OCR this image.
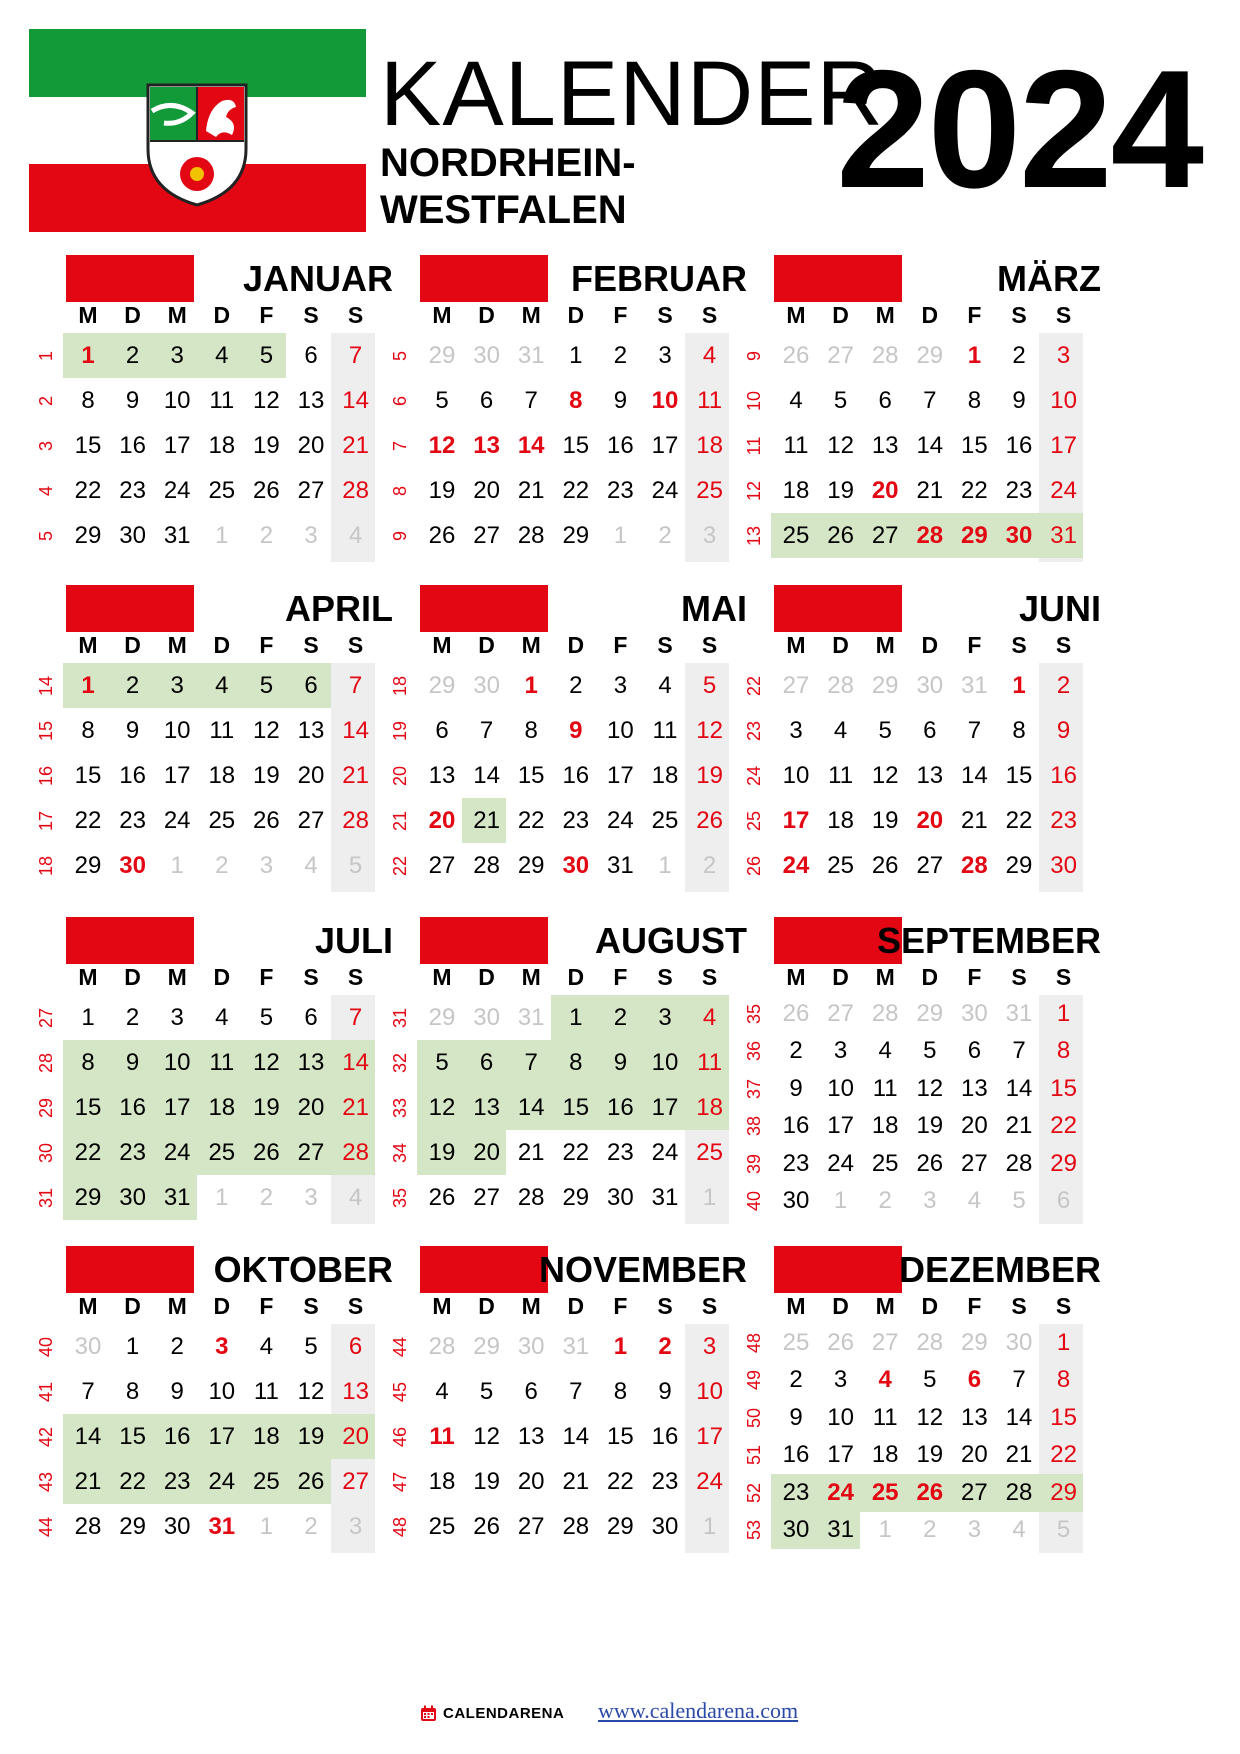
KALENDER
NORDRHEIN-
WESTFALEN 2024
JANUAR
M	D	M	D	F	S	S
1	1	2	3	4	5	6	7
2	8	9	10 11 12 13 14
3 15 16 17 18 19 20 21
4 22 23 24 25 26 27 28
5 29 30 31	1	2	3	4
FEBRUAR
M	D	M	D	F	S	S
5 29 30 31	1	2	3	4
6	5	6	7	8	9	10 11
7 12 13 14 15 16 17 18
8 19 20 21 22 23 24 25
9 26 27 28 29	1	2	3
MÄRZ
M	D	M	D	F	S	S
9 26 27 28 29	1	2	3
10	4	5	6	7	8	9	10
11 11 12 13 14 15 16 17
12 18 19 20 21 22 23 24
13 25 26 27 28 29 30 31
APRIL
M	D	M	D	F	S	S
14	1	2	3	4	5	6	7
15	8	9	10 11 12 13 14
16 15 16 17 18 19 20 21
17 22 23 24 25 26 27 28
18 29 30	1	2	3	4	5
MAI
M	D	M	D	F	S	S
18 29 30	1	2	3	4	5
19	6	7	8	9	10 11 12
20 13 14 15 16 17 18 19
21 20 21 22 23 24 25 26
22 27 28 29 30 31	1	2
JUNI
M	D	M	D	F	S	S
22 27 28 29 30 31	1	2
23	3	4	5	6	7	8	9
24 10 11 12 13 14 15 16
25 17 18 19 20 21 22 23
26 24 25 26 27 28 29 30
JULI
M	D	M	D	F	S	S
27	1	2	3	4	5	6	7
28	8	9	10 11 12 13 14
29 15 16 17 18 19 20 21
30 22 23 24 25 26 27 28
31 29 30 31	1	2	3	4
AUGUST
M	D	M	D	F	S	S
31 29 30 31	1	2	3	4
32	5	6	7	8	9	10 11
33 12 13 14 15 16 17 18
34 19 20 21 22 23 24 25
35 26 27 28 29 30 31	1
SEPTEMBER
M	D	M	D	F	S	S
35 26 27 28 29 30 31	1
36	2	3	4	5	6	7	8
37	9	10 11 12 13 14 15
38 16 17 18 19 20 21 22
39 23 24 25 26 27 28 29
40 30	1	2	3	4	5	6
OKTOBER
M	D	M	D	F	S	S
40 30	1	2	3	4	5	6
41	7	8	9	10 11 12 13
42 14 15 16 17 18 19 20
43 21 22 23 24 25 26 27
44 28 29 30 31	1	2	3
NOVEMBER
M	D	M	D	F	S	S
44 28 29 30 31	1	2	3
45	4	5	6	7	8	9	10
46 11 12 13 14 15 16 17
47 18 19 20 21 22 23 24
48 25 26 27 28 29 30	1
DEZEMBER
M	D	M	D	F	S	S
48 25 26 27 28 29 30	1
49	2	3	4	5	6	7	8
50	9	10 11 12 13 14 15
51 16 17 18 19 20 21 22
52 23 24 25 26 27 28 29
53 30 31	1	2	3	4	5
CALENDARENA www.calendarena.com
